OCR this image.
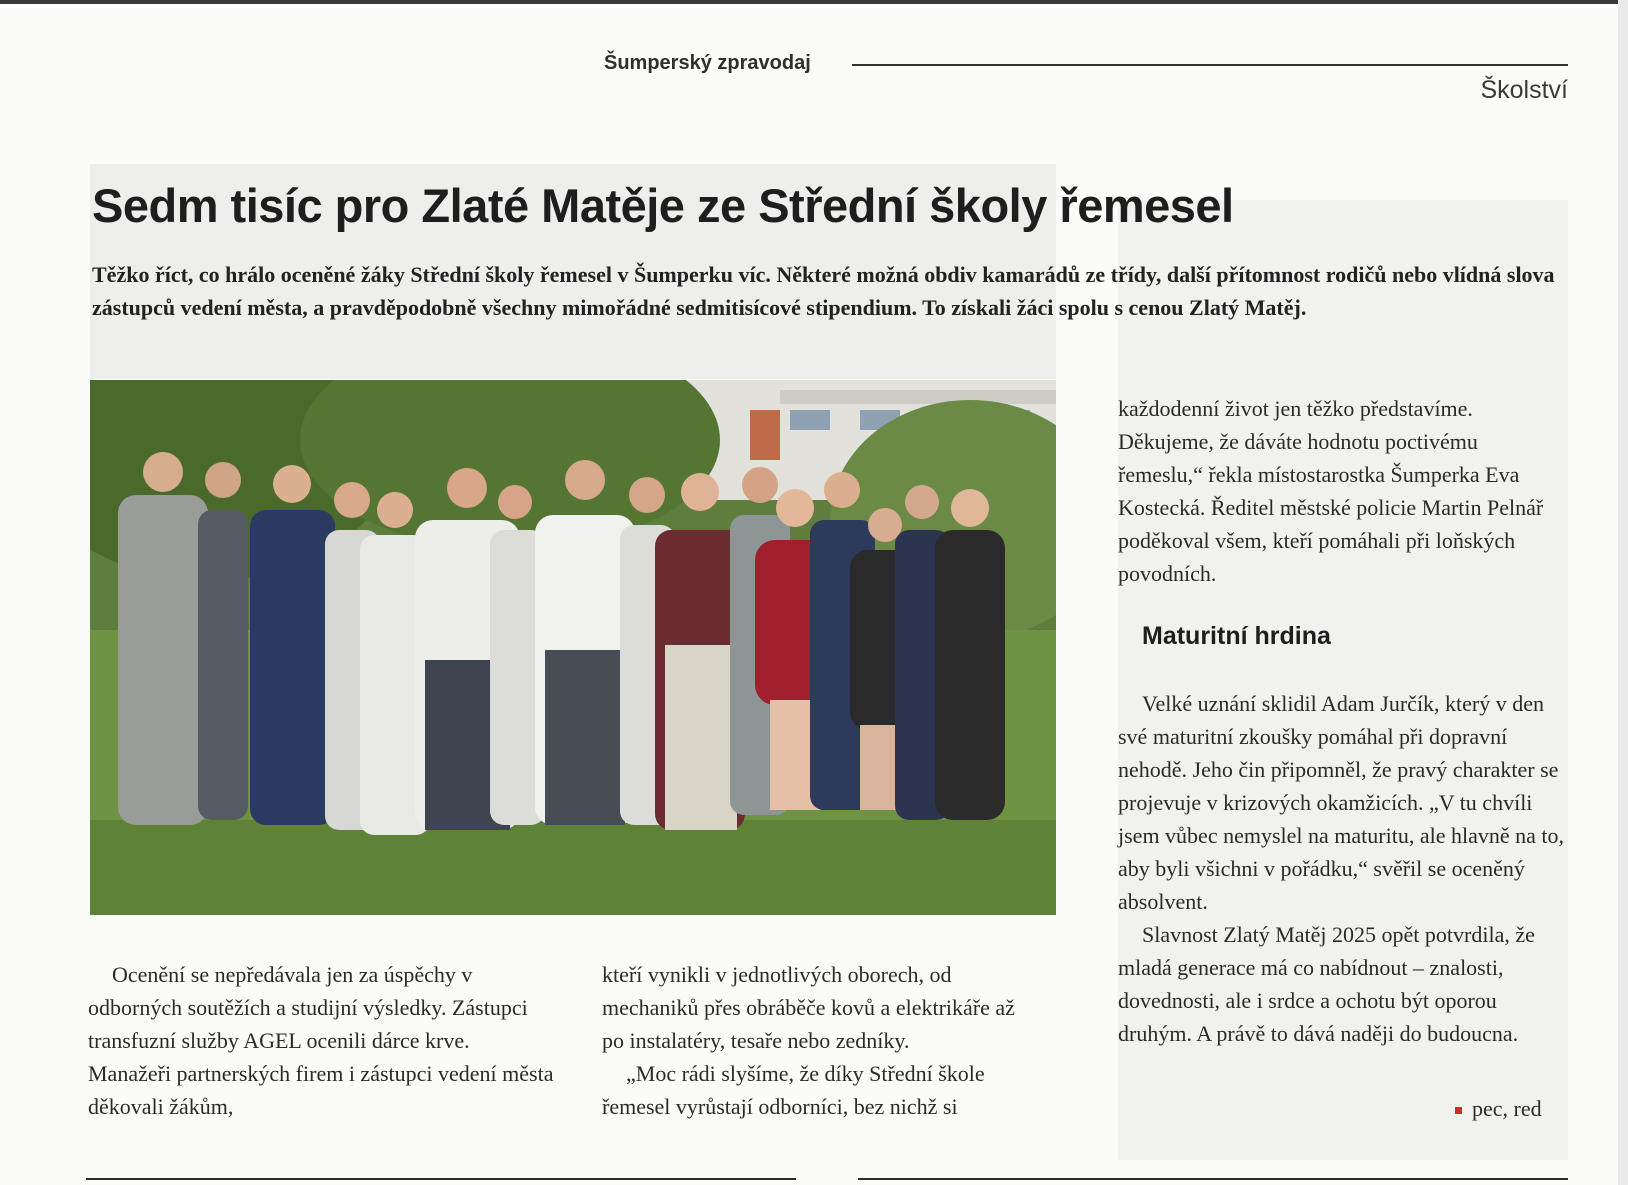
Šumperský zpravodaj
Školství
Sedm tisíc pro Zlaté Matěje ze Střední školy řemesel

Těžko říct, co hrálo oceněné žáky Střední školy řemesel v Šumperku víc. Některé možná obdiv kamarádů ze třídy, další přítomnost rodičů nebo vlídná slova zástupců vedení města, a pravděpodobně všechny mimořádné sedmitisícové stipendium. To získali žáci spolu s cenou Zlatý Matěj.

Ocenění se nepředávala jen za úspěchy v odborných soutěžích a studijní výsledky. Zástupci transfuzní služby AGEL ocenili dárce krve. Manažeři partnerských firem i zástupci vedení města děkovali žákům,

kteří vynikli v jednotlivých oborech, od mechaniků přes obráběče kovů a elektrikáře až po instalatéry, tesaře nebo zedníky.

„Moc rádi slyšíme, že díky Střední škole řemesel vyrůstají odborníci, bez nichž si

každodenní život jen těžko představíme. Děkujeme, že dáváte hodnotu poctivému řemeslu,“ řekla místostarostka Šumperka Eva Kostecká. Ředitel městské policie Martin Pelnář poděkoval všem, kteří pomáhali při loňských povodních.

Maturitní hrdina

Velké uznání sklidil Adam Jurčík, který v den své maturitní zkoušky pomáhal při dopravní nehodě. Jeho čin připomněl, že pravý charakter se projevuje v krizových okamžicích. „V tu chvíli jsem vůbec nemyslel na maturitu, ale hlavně na to, aby byli všichni v pořádku,“ svěřil se oceněný absolvent.

Slavnost Zlatý Matěj 2025 opět potvrdila, že mladá generace má co nabídnout – znalosti, dovednosti, ale i srdce a ochotu být oporou druhým. A právě to dává naději do budoucna.

pec, red
